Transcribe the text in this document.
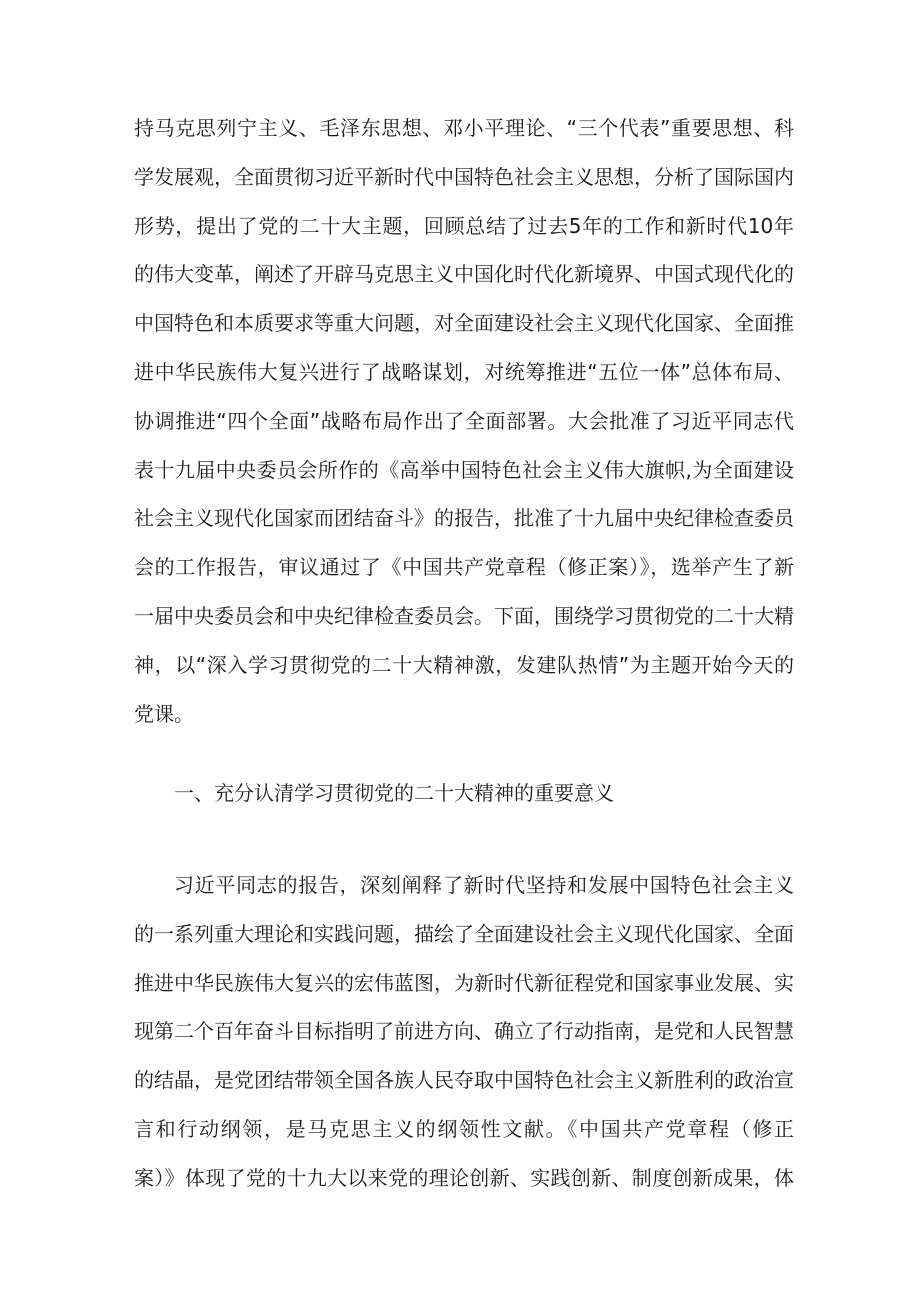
持马克思列宁主义、毛泽东思想、邓小平理论、“三个代表”重要思想、科
学发展观，全面贯彻习近平新时代中国特色社会主义思想，分析了国际国内
形势，提出了党的二十大主题，回顾总结了过去5年的工作和新时代10年
的伟大变革，阐述了开辟马克思主义中国化时代化新境界、中国式现代化的
中国特色和本质要求等重大问题，对全面建设社会主义现代化国家、全面推
进中华民族伟大复兴进行了战略谋划，对统筹推进“五位一体”总体布局、
协调推进“四个全面”战略布局作出了全面部署。大会批准了习近平同志代
表十九届中央委员会所作的《高举中国特色社会主义伟大旗帜,为全面建设
社会主义现代化国家而团结奋斗》的报告，批准了十九届中央纪律检查委员
会的工作报告，审议通过了《中国共产党章程（修正案）》，选举产生了新
一届中央委员会和中央纪律检查委员会。下面，围绕学习贯彻党的二十大精
神，以“深入学习贯彻党的二十大精神激，发建队热情”为主题开始今天的
党课。
一、充分认清学习贯彻党的二十大精神的重要意义
习近平同志的报告，深刻阐释了新时代坚持和发展中国特色社会主义
的一系列重大理论和实践问题，描绘了全面建设社会主义现代化国家、全面
推进中华民族伟大复兴的宏伟蓝图，为新时代新征程党和国家事业发展、实
现第二个百年奋斗目标指明了前进方向、确立了行动指南，是党和人民智慧
的结晶，是党团结带领全国各族人民夺取中国特色社会主义新胜利的政治宣
言和行动纲领，是马克思主义的纲领性文献。《中国共产党章程（修正
案）》体现了党的十九大以来党的理论创新、实践创新、制度创新成果，体
